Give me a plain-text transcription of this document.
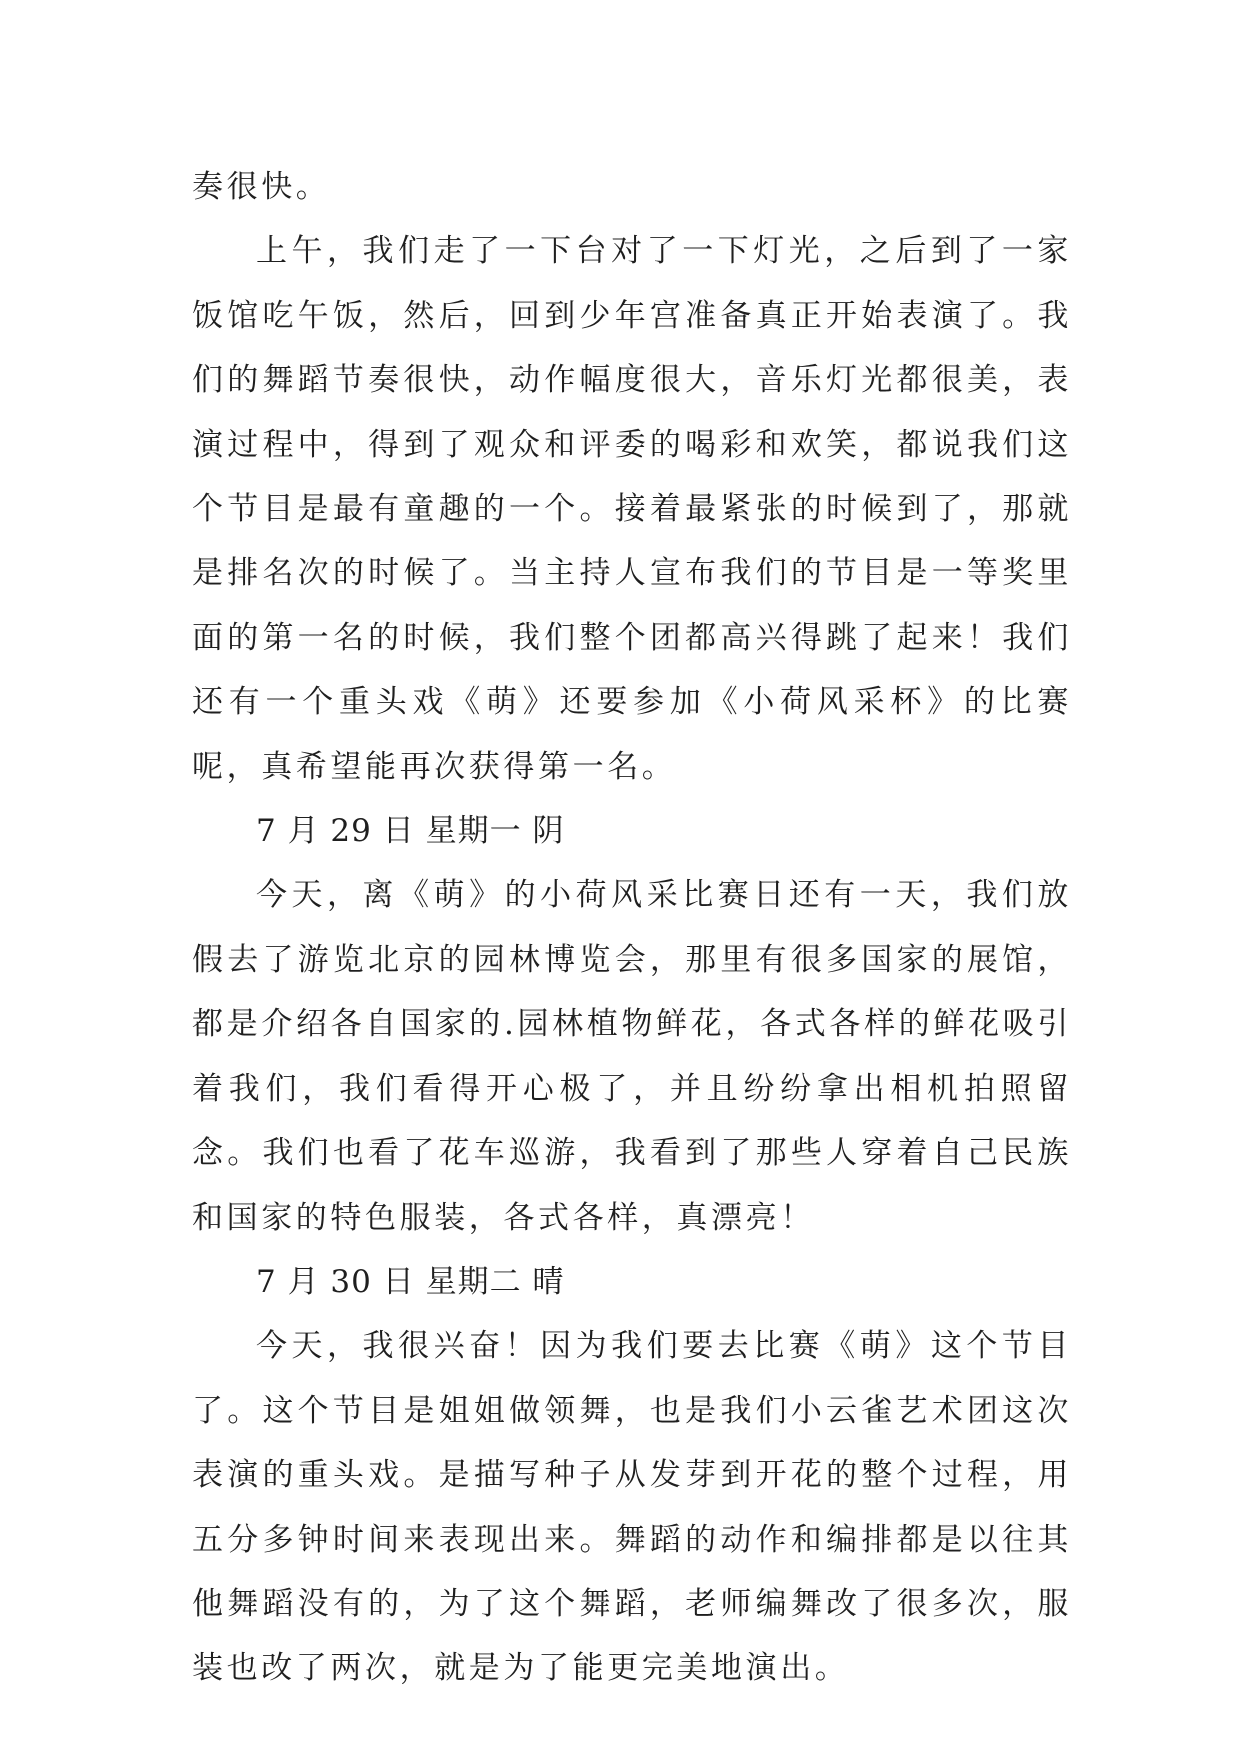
奏很快。

上午，我们走了一下台对了一下灯光，之后到了一家饭馆吃午饭，然后，回到少年宫准备真正开始表演了。我们的舞蹈节奏很快，动作幅度很大，音乐灯光都很美，表演过程中，得到了观众和评委的喝彩和欢笑，都说我们这个节目是最有童趣的一个。接着最紧张的时候到了，那就是排名次的时候了。当主持人宣布我们的节目是一等奖里面的第一名的时候，我们整个团都高兴得跳了起来！我们还有一个重头戏《萌》还要参加《小荷风采杯》的比赛呢，真希望能再次获得第一名。

7 月 29 日 星期一 阴

今天，离《萌》的小荷风采比赛日还有一天，我们放假去了游览北京的园林博览会，那里有很多国家的展馆，都是介绍各自国家的.园林植物鲜花，各式各样的鲜花吸引着我们，我们看得开心极了，并且纷纷拿出相机拍照留念。我们也看了花车巡游，我看到了那些人穿着自己民族和国家的特色服装，各式各样，真漂亮！

7 月 30 日 星期二 晴

今天，我很兴奋！因为我们要去比赛《萌》这个节目了。这个节目是姐姐做领舞，也是我们小云雀艺术团这次表演的重头戏。是描写种子从发芽到开花的整个过程，用五分多钟时间来表现出来。舞蹈的动作和编排都是以往其他舞蹈没有的，为了这个舞蹈，老师编舞改了很多次，服装也改了两次，就是为了能更完美地演出。
